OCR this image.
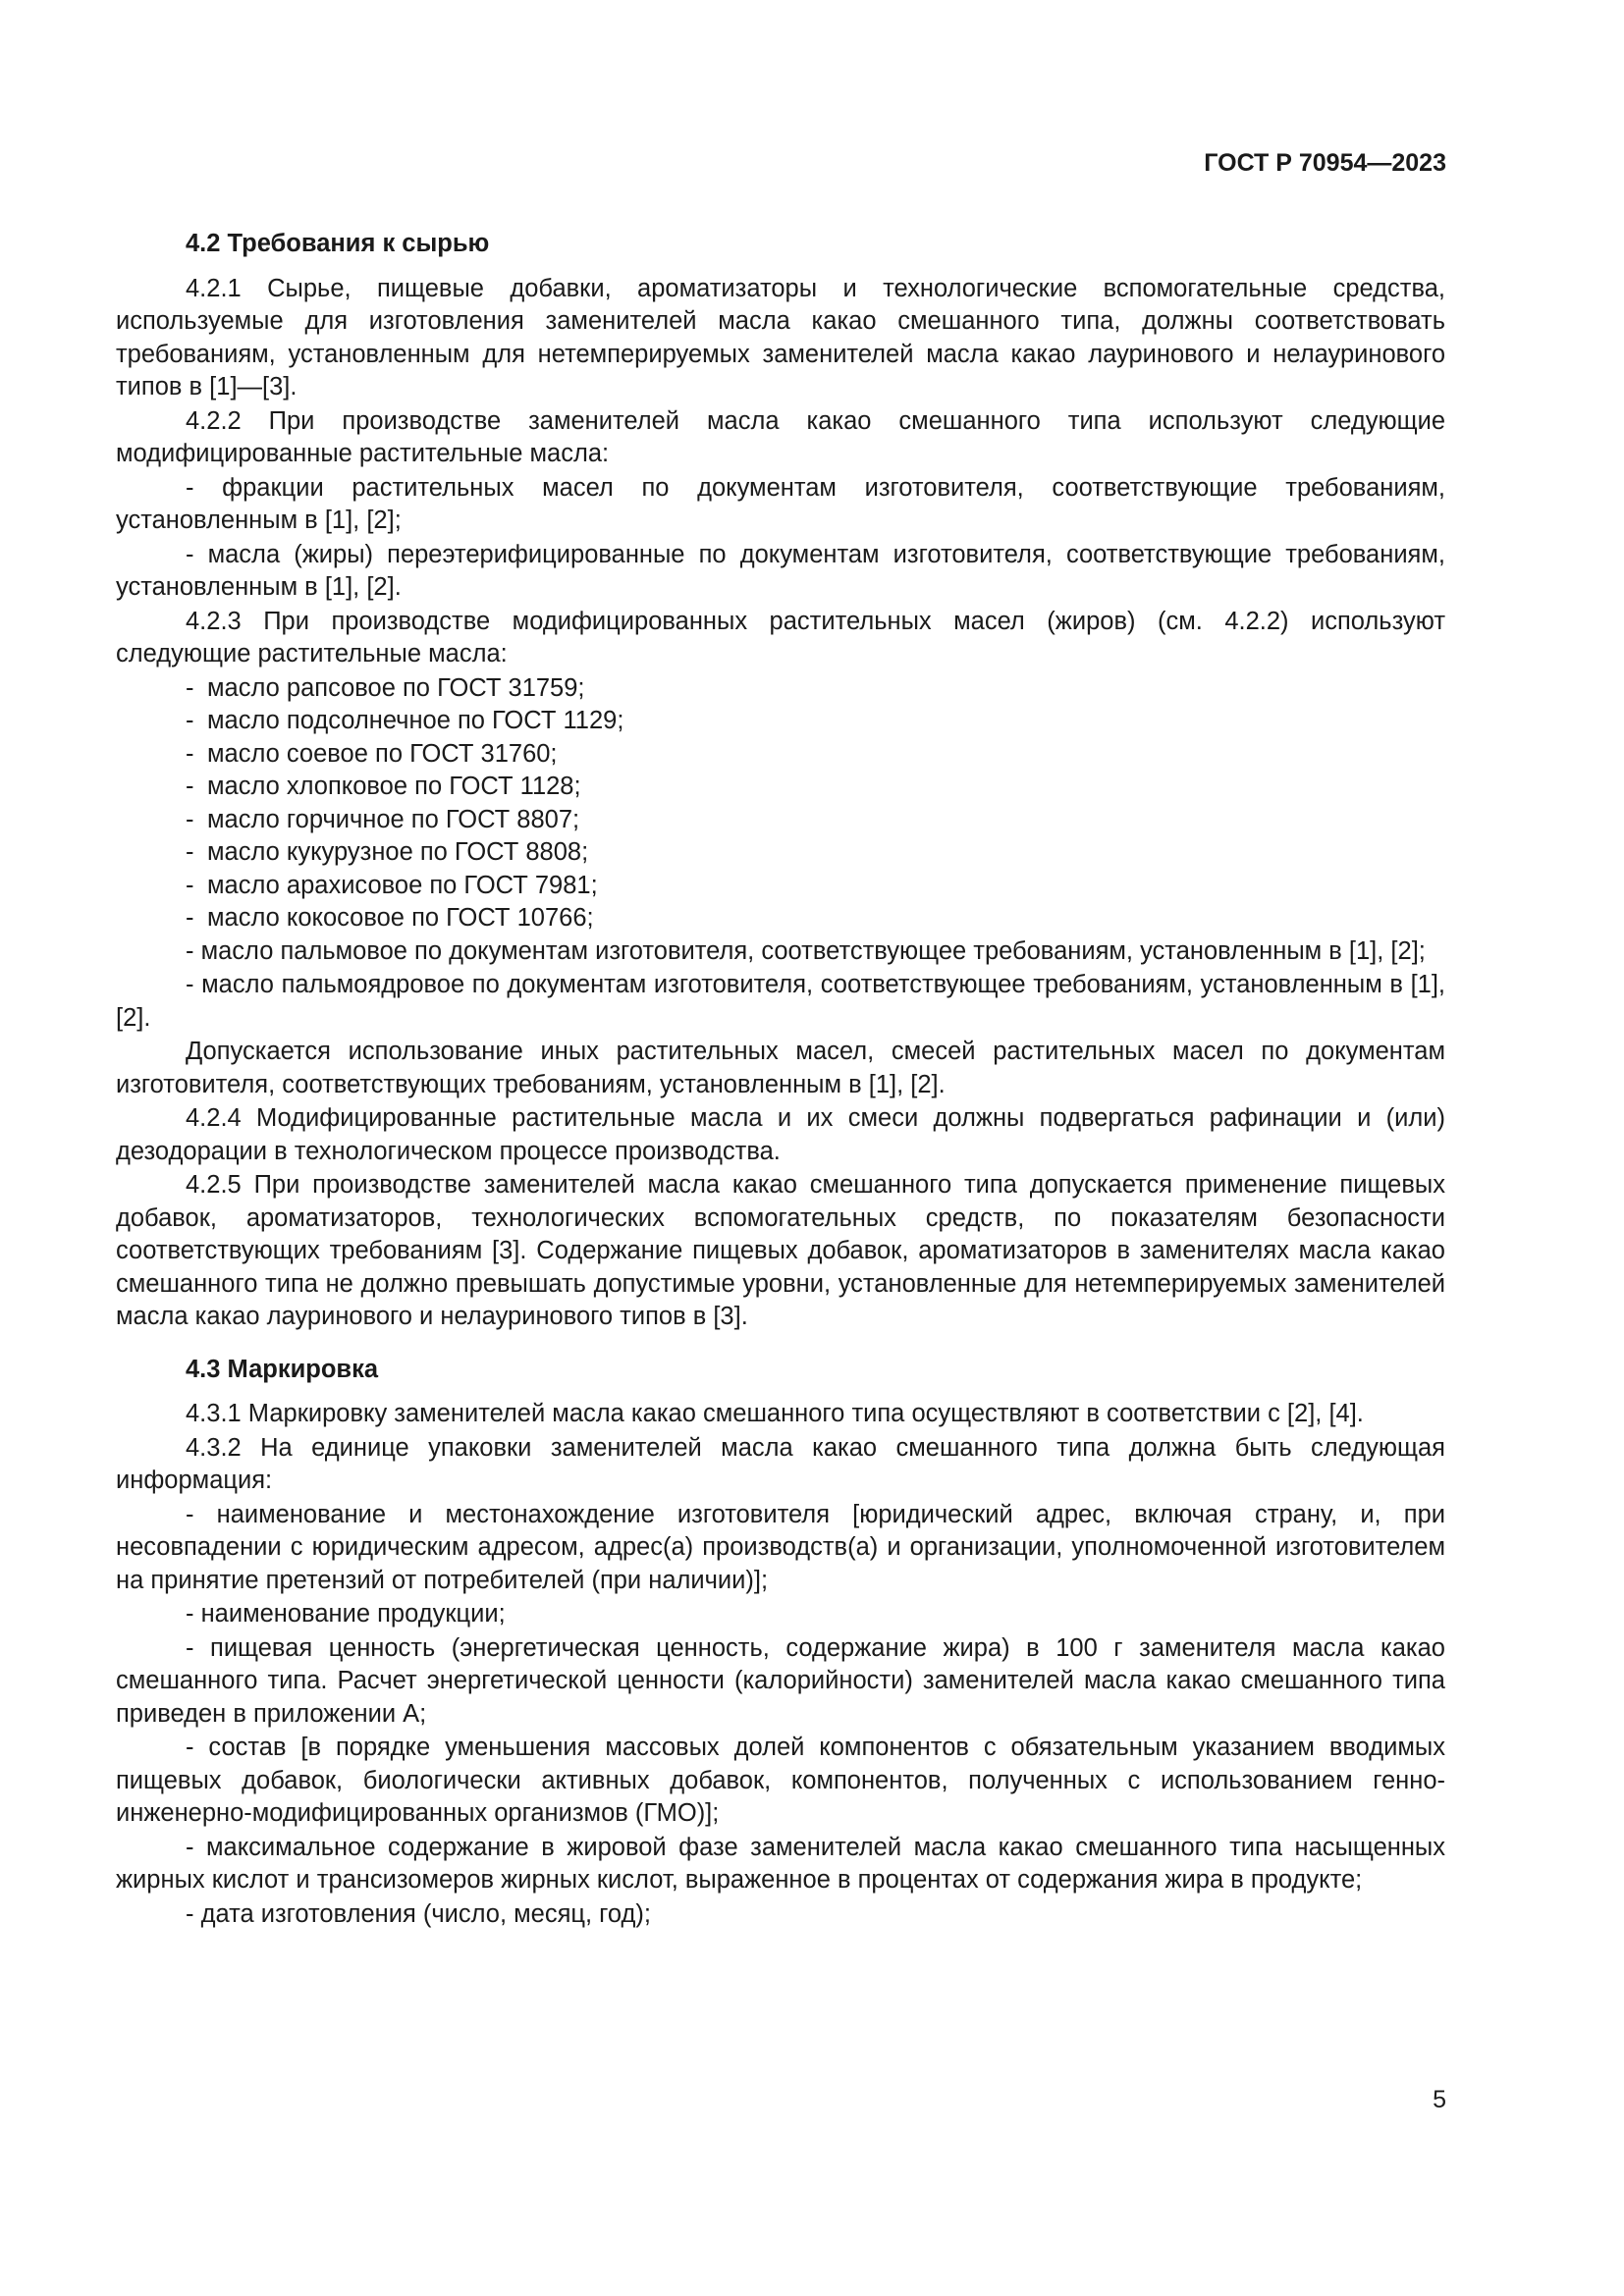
ГОСТ Р 70954—2023
4.2 Требования к сырью
4.2.1 Сырье, пищевые добавки, ароматизаторы и технологические вспомогательные средства, используемые для изготовления заменителей масла какао смешанного типа, должны соответствовать требованиям, установленным для нетемперируемых заменителей масла какао лауринового и нелауринового типов в [1]—[3].
4.2.2 При производстве заменителей масла какао смешанного типа используют следующие модифицированные растительные масла:
- фракции растительных масел по документам изготовителя, соответствующие требованиям, установленным в [1], [2];
- масла (жиры) переэтерифицированные по документам изготовителя, соответствующие требованиям, установленным в [1], [2].
4.2.3 При производстве модифицированных растительных масел (жиров) (см. 4.2.2) используют следующие растительные масла:
- масло рапсовое по ГОСТ 31759;
- масло подсолнечное по ГОСТ 1129;
- масло соевое по ГОСТ 31760;
- масло хлопковое по ГОСТ 1128;
- масло горчичное по ГОСТ 8807;
- масло кукурузное по ГОСТ 8808;
- масло арахисовое по ГОСТ 7981;
- масло кокосовое по ГОСТ 10766;
- масло пальмовое по документам изготовителя, соответствующее требованиям, установленным в [1], [2];
- масло пальмоядровое по документам изготовителя, соответствующее требованиям, установленным в [1], [2].
Допускается использование иных растительных масел, смесей растительных масел по документам изготовителя, соответствующих требованиям, установленным в [1], [2].
4.2.4 Модифицированные растительные масла и их смеси должны подвергаться рафинации и (или) дезодорации в технологическом процессе производства.
4.2.5 При производстве заменителей масла какао смешанного типа допускается применение пищевых добавок, ароматизаторов, технологических вспомогательных средств, по показателям безопасности соответствующих требованиям [3]. Содержание пищевых добавок, ароматизаторов в заменителях масла какао смешанного типа не должно превышать допустимые уровни, установленные для нетемперируемых заменителей масла какао лауринового и нелауринового типов в [3].
4.3 Маркировка
4.3.1 Маркировку заменителей масла какао смешанного типа осуществляют в соответствии с [2], [4].
4.3.2 На единице упаковки заменителей масла какао смешанного типа должна быть следующая информация:
- наименование и местонахождение изготовителя [юридический адрес, включая страну, и, при несовпадении с юридическим адресом, адрес(а) производств(а) и организации, уполномоченной изготовителем на принятие претензий от потребителей (при наличии)];
- наименование продукции;
- пищевая ценность (энергетическая ценность, содержание жира) в 100 г заменителя масла какао смешанного типа. Расчет энергетической ценности (калорийности) заменителей масла какао смешанного типа приведен в приложении А;
- состав [в порядке уменьшения массовых долей компонентов с обязательным указанием вводимых пищевых добавок, биологически активных добавок, компонентов, полученных с использованием генно-инженерно-модифицированных организмов (ГМО)];
- максимальное содержание в жировой фазе заменителей масла какао смешанного типа насыщенных жирных кислот и трансизомеров жирных кислот, выраженное в процентах от содержания жира в продукте;
- дата изготовления (число, месяц, год);
5
